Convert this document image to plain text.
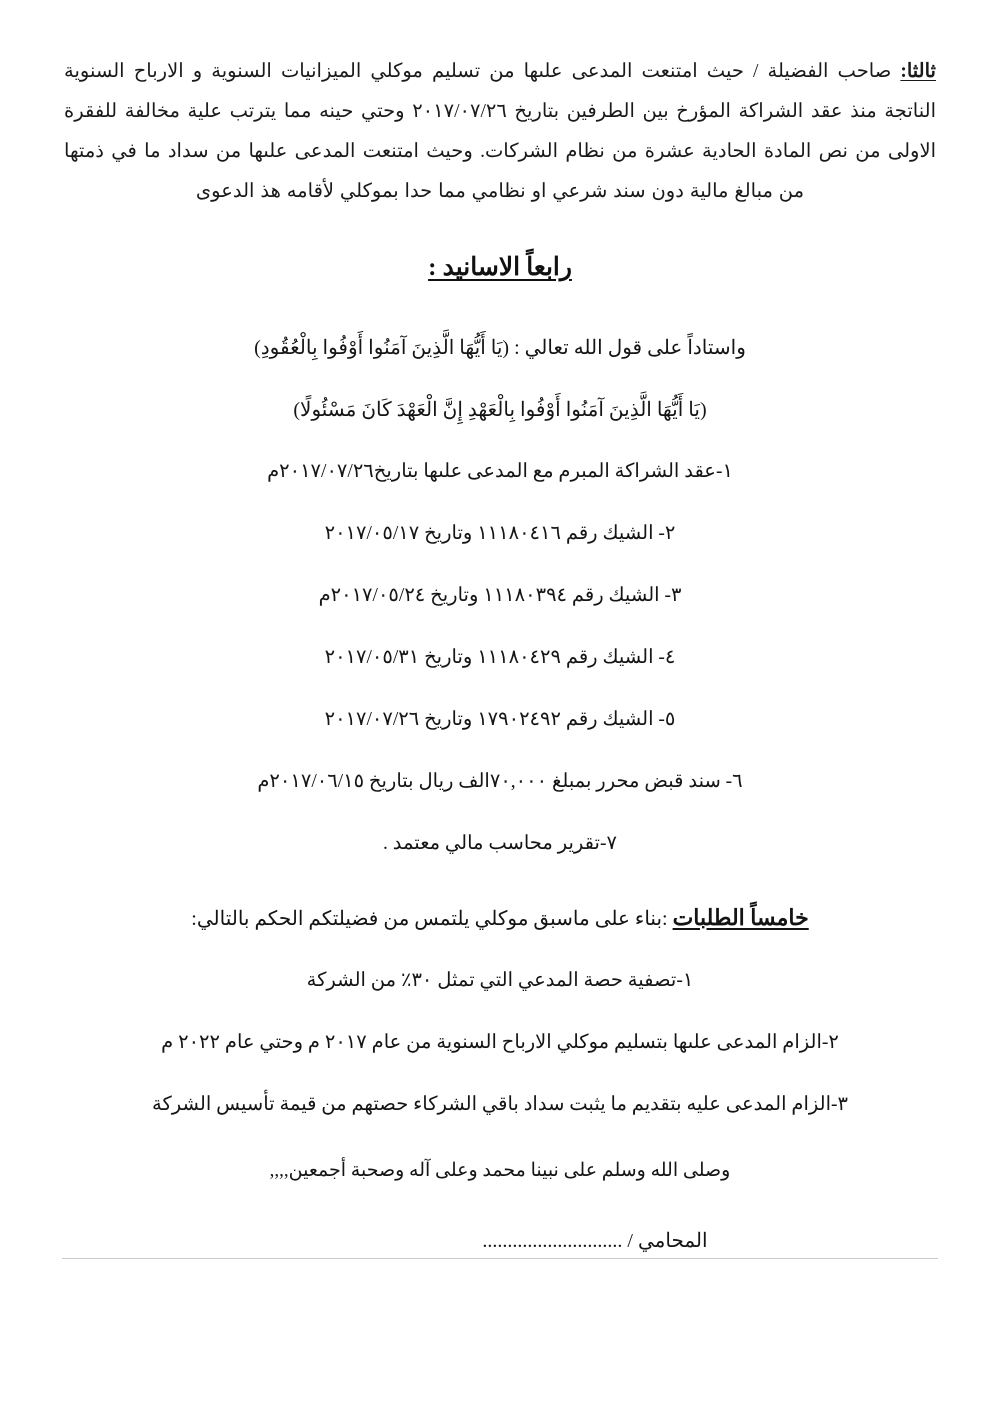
ثالثا: صاحب الفضيلة / حيث امتنعت المدعى علىها من تسليم موكلي الميزانيات السنوية و الارباح السنوية الناتجة منذ عقد الشراكة المؤرخ بين الطرفين بتاريخ ٢٠١٧/٠٧/٢٦ وحتي حينه مما يترتب علية مخالفة للفقرة الاولى من نص المادة الحادية عشرة من نظام الشركات. وحيث امتنعت المدعى علىها من سداد ما في ذمتها من مبالغ مالية دون سند شرعي او نظامي مما حدا بموكلي لأقامه هذ الدعوى

رابعاً الاسانيد :

واستاداً على قول الله تعالي : (يَا أَيُّهَا الَّذِينَ آمَنُوا أَوْفُوا بِالْعُقُودِ)

(يَا أَيُّهَا الَّذِينَ آمَنُوا أَوْفُوا بِالْعَهْدِ إِنَّ الْعَهْدَ كَانَ مَسْئُولًا)

١-عقد الشراكة المبرم مع المدعى علىها بتاريخ٢٠١٧/٠٧/٢٦م

٢- الشيك رقم ١١١٨٠٤١٦ وتاريخ ٢٠١٧/٠٥/١٧

٣- الشيك رقم ١١١٨٠٣٩٤ وتاريخ ٢٠١٧/٠٥/٢٤م

٤- الشيك رقم ١١١٨٠٤٢٩ وتاريخ ٢٠١٧/٠٥/٣١

٥- الشيك رقم ١٧٩٠٢٤٩٢ وتاريخ ٢٠١٧/٠٧/٢٦

٦- سند قبض محرر بمبلغ ٧٠,٠٠٠الف ريال بتاريخ ٢٠١٧/٠٦/١٥م

٧-تقرير محاسب مالي معتمد .

خامساً الطلبات :بناء على ماسبق موكلي يلتمس من فضيلتكم الحكم بالتالي:

١-تصفية حصة المدعي التي تمثل ٣٠٪ من الشركة

٢-الزام المدعى علىها بتسليم موكلي الارباح السنوية من عام ٢٠١٧ م وحتي عام ٢٠٢٢ م

٣-الزام المدعى عليه بتقديم ما يثبت سداد باقي الشركاء حصتهم من قيمة تأسيس الشركة

وصلى الله وسلم على نبينا محمد وعلى آله وصحبة أجمعين,,,,

المحامي / ............................
